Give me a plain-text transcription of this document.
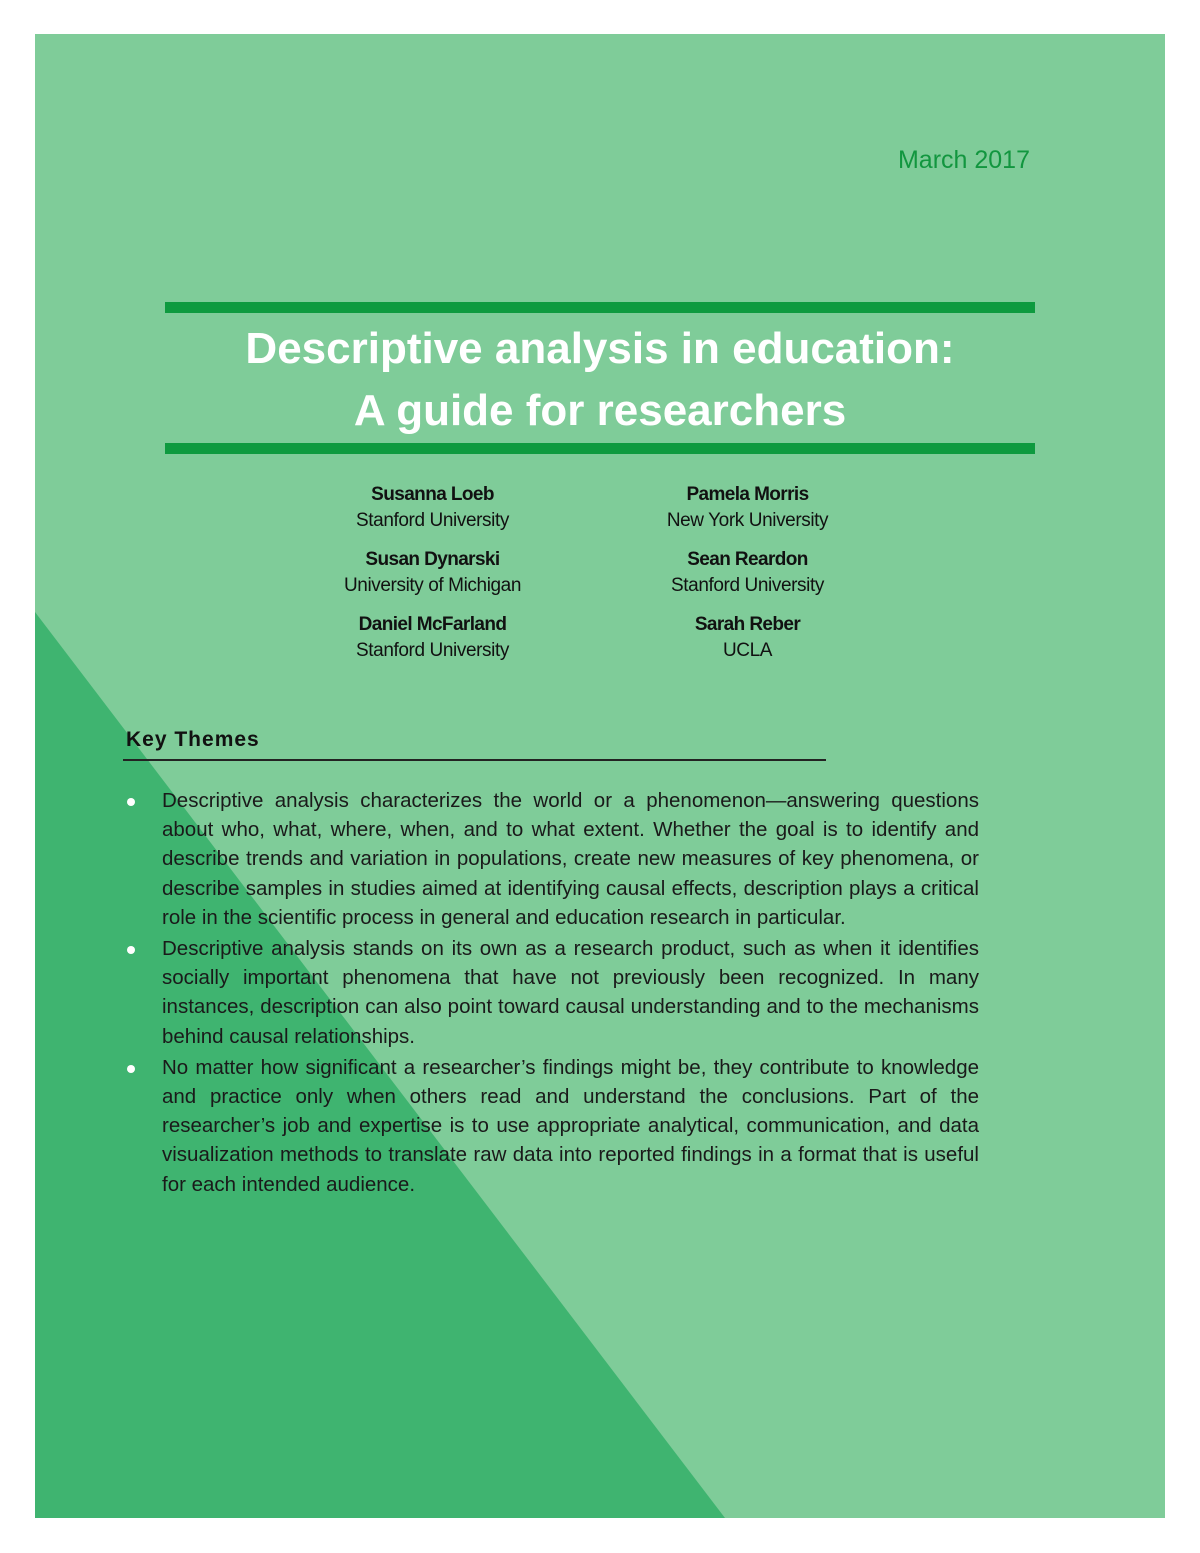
March 2017
Descriptive analysis in education:
A guide for researchers
Susanna Loeb
Stanford University
Pamela Morris
New York University
Susan Dynarski
University of Michigan
Sean Reardon
Stanford University
Daniel McFarland
Stanford University
Sarah Reber
UCLA
Key Themes
Descriptive analysis characterizes the world or a phenomenon—answering questions about who, what, where, when, and to what extent. Whether the goal is to identify and describe trends and variation in populations, create new measures of key phenomena, or describe samples in studies aimed at identifying causal effects, description plays a critical role in the scientific process in general and education research in particular.
Descriptive analysis stands on its own as a research product, such as when it identifies socially important phenomena that have not previously been recognized. In many instances, description can also point toward causal understanding and to the mechanisms behind causal relationships.
No matter how significant a researcher’s findings might be, they contribute to knowledge and practice only when others read and understand the conclusions. Part of the researcher’s job and expertise is to use appropriate analytical, communication, and data visualization methods to translate raw data into reported findings in a format that is useful for each intended audience.
